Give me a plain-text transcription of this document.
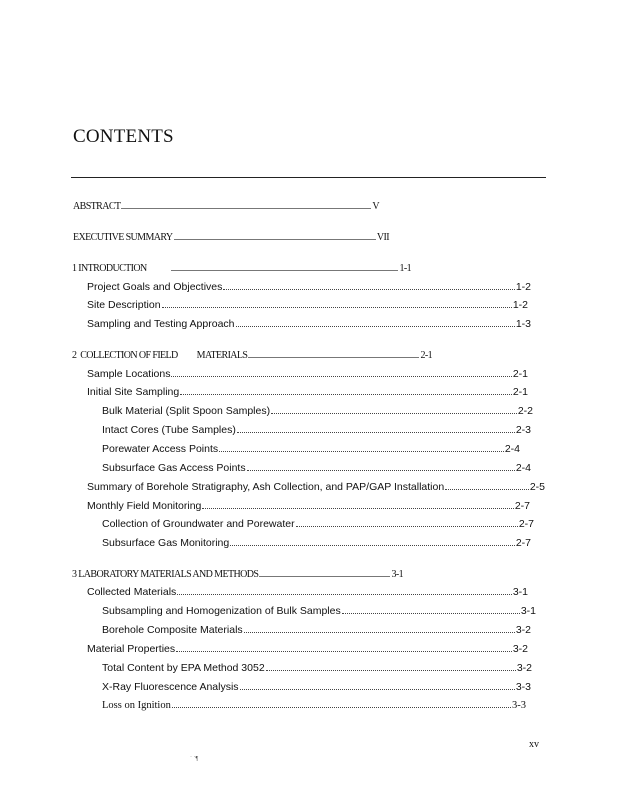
CONTENTS
ABSTRACT	V
EXECUTIVE SUMMARY	VII
1 INTRODUCTION	1-1
Project Goals and Objectives	1-2
Site Description	1-2
Sampling and Testing Approach	1-3
2  COLLECTION OF FIELD          MATERIALS	2-1
Sample Locations	2-1
Initial Site Sampling	2-1
Bulk Material (Split Spoon Samples)	2-2
Intact Cores (Tube Samples)	2-3
Porewater Access Points	2-4
Subsurface Gas Access Points	2-4
Summary of Borehole Stratigraphy, Ash Collection, and PAP/GAP Installation	2-5
Monthly Field Monitoring	2-7
Collection of Groundwater and Porewater	2-7
Subsurface Gas Monitoring	2-7
3 LABORATORY MATERIALS AND METHODS	3-1
Collected Materials	3-1
Subsampling and Homogenization of Bulk Samples	3-1
Borehole Composite Materials	3-2
Material Properties	3-2
Total Content by EPA Method 3052	3-2
X-Ray Fluorescence Analysis	3-3
Loss on Ignition	3-3
xv
˙ ˙¶
